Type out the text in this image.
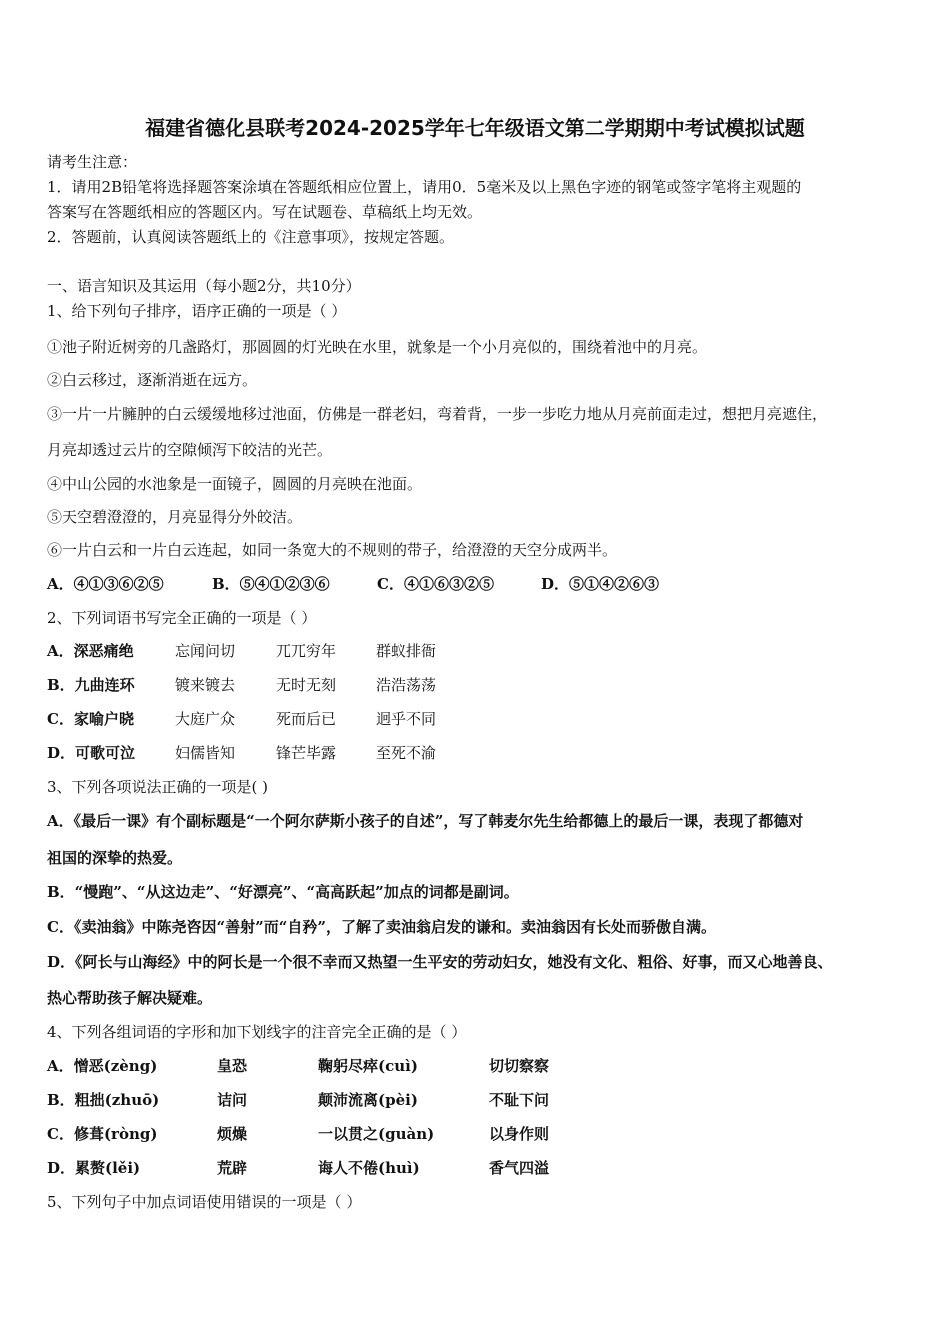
福建省德化县联考2024-2025学年七年级语文第二学期期中考试模拟试题
请考生注意：
1．请用2B铅笔将选择题答案涂填在答题纸相应位置上，请用0．5毫米及以上黑色字迹的钢笔或签字笔将主观题的
答案写在答题纸相应的答题区内。写在试题卷、草稿纸上均无效。
2．答题前，认真阅读答题纸上的《注意事项》，按规定答题。
一、语言知识及其运用（每小题2分，共10分）
1、给下列句子排序，语序正确的一项是（ ）
①池子附近树旁的几盏路灯，那圆圆的灯光映在水里，就象是一个小月亮似的，围绕着池中的月亮。
②白云移过，逐渐消逝在远方。
③一片一片臃肿的白云缓缓地移过池面，仿佛是一群老妇，弯着背，一步一步吃力地从月亮前面走过，想把月亮遮住，
月亮却透过云片的空隙倾泻下皎洁的光芒。
④中山公园的水池象是一面镜子，圆圆的月亮映在池面。
⑤天空碧澄澄的，月亮显得分外皎洁。
⑥一片白云和一片白云连起，如同一条宽大的不规则的带子，给澄澄的天空分成两半。
A．④①③⑥②⑤	B．⑤④①②③⑥	C．④①⑥③②⑤	D．⑤①④②⑥③
2、下列词语书写完全正确的一项是（ ）
A．深恶痛绝	忘闻问切	兀兀穷年	群蚁排衙
B．九曲连环	镀来镀去	无时无刻	浩浩荡荡
C．家喻户晓	大庭广众	死而后已	迥乎不同
D．可歌可泣	妇儒皆知	锋芒毕露	至死不渝
3、下列各项说法正确的一项是( )
A．《最后一课》有个副标题是“一个阿尔萨斯小孩子的自述”，写了韩麦尔先生给都德上的最后一课，表现了都德对
祖国的深挚的热爱。
B．“慢跑”、“从这边走”、“好漂亮”、“高高跃起”加点的词都是副词。
C．《卖油翁》中陈尧咨因“善射”而“自矜”，了解了卖油翁启发的谦和。卖油翁因有长处而骄傲自满。
D．《阿长与山海经》中的阿长是一个很不幸而又热望一生平安的劳动妇女，她没有文化、粗俗、好事，而又心地善良、
热心帮助孩子解决疑难。
4、下列各组词语的字形和加下划线字的注音完全正确的是（ ）
A．憎恶(zèng)	皇恐	鞠躬尽瘁(cuì)	切切察察
B．粗拙(zhuō)	诘问	颠沛流离(pèi)	不耻下问
C．修葺(ròng)	烦燥	一以贯之(guàn)	以身作则
D．累赘(lěi)	荒辟	诲人不倦(huì)	香气四溢
5、下列句子中加点词语使用错误的一项是（ ）
